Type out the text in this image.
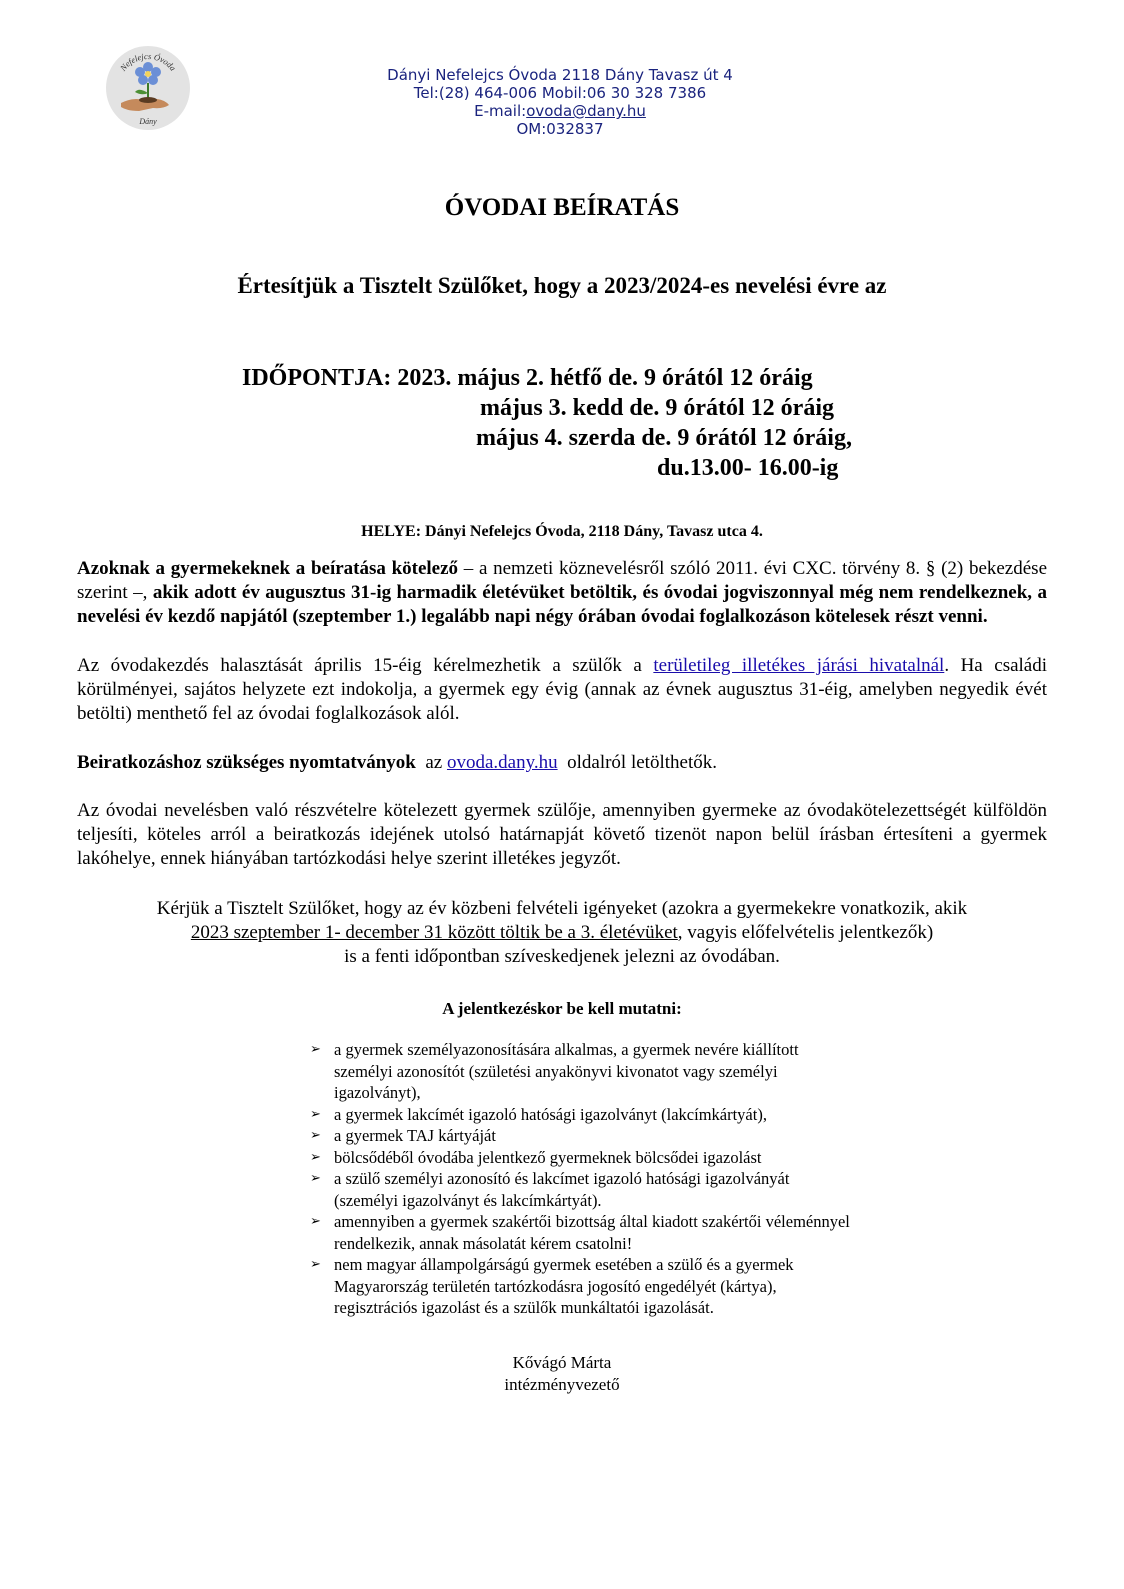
Nefelejcs Óvoda
Dány
Dányi Nefelejcs Óvoda 2118 Dány Tavasz út 4
Tel:(28) 464-006 Mobil:06 30 328 7386
E-mail:ovoda@dany.hu
OM:032837
ÓVODAI BEÍRATÁS
Értesítjük a Tisztelt Szülőket, hogy a 2023/2024-es nevelési évre az
IDŐPONTJA: 2023. május 2. hétfő de. 9 órától 12 óráig
május 3. kedd de. 9 órától 12 óráig
május 4. szerda de. 9 órától 12 óráig,
du.13.00- 16.00-ig
HELYE: Dányi Nefelejcs Óvoda, 2118 Dány, Tavasz utca 4.
Azoknak a gyermekeknek a beíratása kötelező – a nemzeti köznevelésről szóló 2011. évi CXC. törvény 8. § (2) bekezdése szerint –, akik adott év augusztus 31-ig harmadik életévüket betöltik, és óvodai jogviszonnyal még nem rendelkeznek, a nevelési év kezdő napjától (szeptember 1.) legalább napi négy órában óvodai foglalkozáson kötelesek részt venni.
Az óvodakezdés halasztását április 15-éig kérelmezhetik a szülők a területileg illetékes járási hivatalnál. Ha családi körülményei, sajátos helyzete ezt indokolja, a gyermek egy évig (annak az évnek augusztus 31-éig, amelyben negyedik évét betölti) menthető fel az óvodai foglalkozások alól.
Beiratkozáshoz szükséges nyomtatványok  az ovoda.dany.hu  oldalról letölthetők.
Az óvodai nevelésben való részvételre kötelezett gyermek szülője, amennyiben gyermeke az óvodakötelezettségét külföldön teljesíti, köteles arról a beiratkozás idejének utolsó határnapját követő tizenöt napon belül írásban értesíteni a gyermek lakóhelye, ennek hiányában tartózkodási helye szerint illetékes jegyzőt.
Kérjük a Tisztelt Szülőket, hogy az év közbeni felvételi igényeket (azokra a gyermekekre vonatkozik, akik
2023 szeptember 1- december 31 között töltik be a 3. életévüket, vagyis előfelvételis jelentkezők)
is a fenti időpontban szíveskedjenek jelezni az óvodában.
A jelentkezéskor be kell mutatni:
➢ a gyermek személyazonosítására alkalmas, a gyermek nevére kiállított személyi azonosítót (születési anyakönyvi kivonatot vagy személyi igazolványt),
➢ a gyermek lakcímét igazoló hatósági igazolványt (lakcímkártyát),
➢ a gyermek TAJ kártyáját
➢ bölcsődéből óvodába jelentkező gyermeknek bölcsődei igazolást
➢ a szülő személyi azonosító és lakcímet igazoló hatósági igazolványát (személyi igazolványt és lakcímkártyát).
➢ amennyiben a gyermek szakértői bizottság által kiadott szakértői véleménnyel rendelkezik, annak másolatát kérem csatolni!
➢ nem magyar állampolgárságú gyermek esetében a szülő és a gyermek Magyarország területén tartózkodásra jogosító engedélyét (kártya), regisztrációs igazolást és a szülők munkáltatói igazolását.
Kővágó Márta
intézményvezető
